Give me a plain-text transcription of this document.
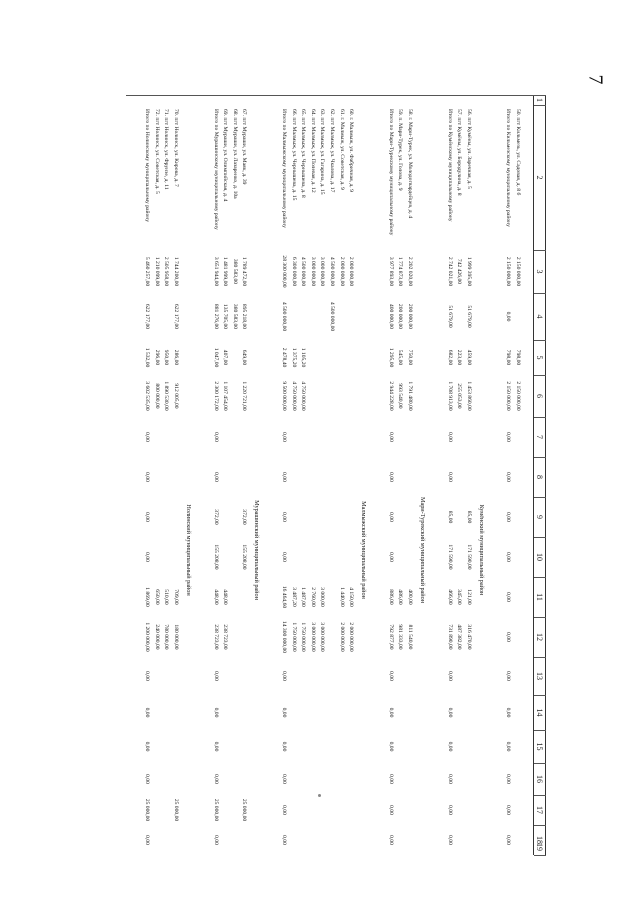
7
1
2
3
4
5
6
7
8
9
10
11
12
13
14
15
16
17
18
19
50. пгт Кильмезь, ул. Садовая, д. 8 б
2 150 000,00
798,00
2 150 000,00
Итого по Кильмезскому муниципальному району
2 150 000,00
0,00
798,00
2 150 000,00
0,00
0,00
0,00
0,00
0,00
0,00
0,00
0,00
0,00
0,00
0,00
0,00
Кумёнский муниципальный район
56. пгт Кумёны, ул. Заречная, д. 5
1 999 395,00
51 679,00
459,00
1 453 860,00
85,00
171 590,00
121,00
316 470,00
57. пгт Кумёны, ул. Бородулина, д. 8
742 426,00
223,00
255 053,00
345,00
487 382,00
Итого по Кумёнскому муниципальному району
2 742 021,00
51 679,00
682,00
1 708 913,00
0,00
0,00
85,00
171 590,00
466,00
731 890,00
0,00
0,00
0,00
0,00
0,00
0,00
Мари-Турекский муниципальный район
58. г. Мари-Турек, ул. Молодогвардейцев, д. 4
2 202 020,00
200 000,00
750,00
1 791 480,00
400,00
811 540,00
59. п. Мари-Турек, ул. Голова, д. 9
1 774 873,00
200 000,00
545,00
993 540,00
486,00
981 333,00
Итого по Мари-Турекскому муниципальному району
3 977 893,00
400 000,00
1 295,00
2 944 228,00
0,00
0,00
0,00
0,00
886,00
792 877,00
0,00
0,00
0,00
0,00
0,00
0,00
Малмыжский муниципальный район
60. г. Малмыж, ул. Фабричная, д. 9
2 000 000,00
4 150,00
2 000 000,00
61. г. Малмыж, ул. Советская, д. 9
2 000 000,00
1 440,00
2 000 000,00
62. пгт Малмыж, ул. Чкалова, д. 17
4 500 000,00
4 500 000,00
63. пгт Малмыж, ул. Гагарина, д. 15
3 000 000,00
3 000,00
3 000 000,00
64. пгт Малмыж, ул. Полевая, д. 12
3 000 000,00
2 760,00
3 000 000,00
65. пгт Малмыж, ул. Чернышева, д. 8
4 500 000,00
1 105,20
4 750 000,00
1 487,00
1 750 000,00
66. пгт Малмыж, ул. Чернышева, д. 15
6 300 000,00
1 375,20
4 750 000,00
3 487,20
1 750 000,00
Итого по Малмыжскому муниципальному району
28 300 000,00
4 500 000,00
2 478,40
9 500 000,00
0,00
0,00
0,00
0,00
16 464,60
14 300 000,00
0,00
0,00
0,00
0,00
0,00
0,00
Мурашинский муниципальный район
67. пгт Мураши, ул. Маяк, д. 39
1 789 472,00
895 218,00
649,00
1 220 721,00
372,00
155 208,00
25 000,00
68. пгт Мураши, ул. Лазаренко, д. 10а
380 583,00
380 583,00
69. пгт Мураши, ул. Олимпийская, д. 4
1 481 999,00
135 705,00
407,00
1 107 454,00
448,00
238 723,00
Итого по Мурашинскому муниципальному району
3 651 944,00
881 276,00
1 047,00
2 300 172,00
0,00
0,00
372,00
155 208,00
448,00
238 723,00
0,00
0,00
0,00
0,00
25 000,00
0,00
Нолинский муниципальный район
70. пгт Нолинск, ул. Кирова, д. 7
1 744 200,00
622 177,00
286,00
912 005,00
709,00
180 000,00
25 000,00
71. пгт Нолинск, ул. Фрунзе, д. 11
2 505 958,00
950,00
1 890 530,00
510,00
780 000,00
72. пгт Нолинск, ул. Советская, д. 5
1 210 099,00
296,00
800 000,00
650,00
240 000,00
Итого по Нолинскому муниципальному району
5 460 257,00
622 177,00
1 532,00
3 602 535,00
0,00
0,00
0,00
0,00
1 869,00
1 200 000,00
0,00
0,00
0,00
0,00
25 000,00
0,00
